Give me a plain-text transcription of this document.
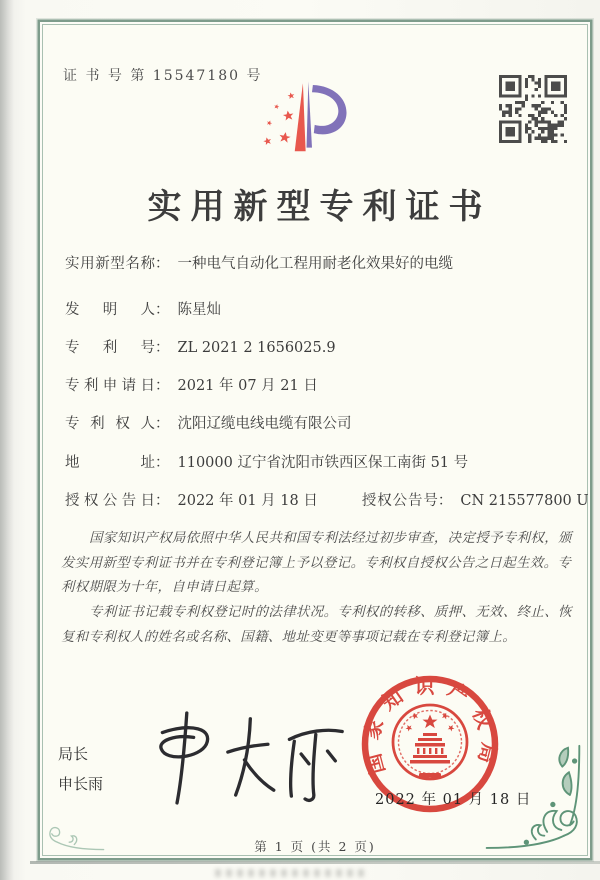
证 书 号 第 15547180 号
实用新型专利证书
实用新型名称 ： 一种电气自动化工程用耐老化效果好的电缆
发明人 ： 陈星灿
专利号 ： ZL 2021 2 1656025.9
专利申请日 ： 2021 年 07 月 21 日
专利权人 ： 沈阳辽缆电线电缆有限公司
地址 ： 110000 辽宁省沈阳市铁西区保工南街 51 号
授权公告日 ： 2022 年 01 月 18 日	授权公告号 ： CN 215577800 U

国家知识产权局依照中华人民共和国专利法经过初步审查，决定授予专利权，颁发实用新型专利证书并在专利登记簿上予以登记。专利权自授权公告之日起生效。专利权期限为十年，自申请日起算。

专利证书记载专利权登记时的法律状况。专利权的转移、质押、无效、终止、恢复和专利权人的姓名或名称、国籍、地址变更等事项记载在专利登记簿上。

局长
申长雨
国家知识产权局
2022 年 01 月 18 日
第 1 页 (共 2 页)
